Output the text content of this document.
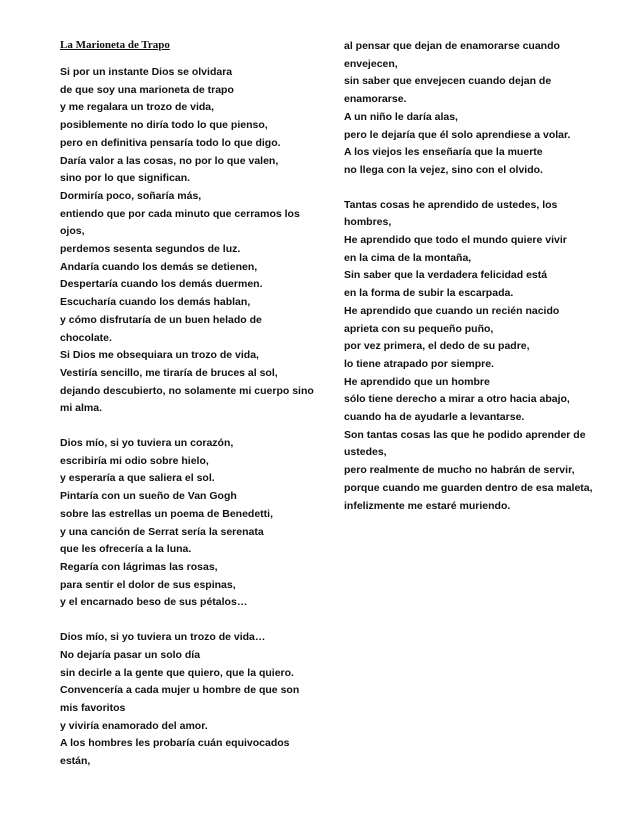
La Marioneta de Trapo
Si por un instante Dios se olvidara
de que soy una marioneta de trapo
y me regalara un trozo de vida,
posiblemente no diría todo lo que pienso,
pero en definitiva pensaría todo lo que digo.
Daría valor a las cosas, no por lo que valen,
sino por lo que significan.
Dormiría poco, soñaría más,
entiendo que por cada minuto que cerramos los ojos,
perdemos sesenta segundos de luz.
Andaría cuando los demás se detienen,
Despertaría cuando los demás duermen.
Escucharía cuando los demás hablan,
y cómo disfrutaría de un buen helado de chocolate.
Si Dios me obsequiara un trozo de vida,
Vestiría sencillo, me tiraría de bruces al sol,
dejando descubierto, no solamente mi cuerpo sino mi alma.
Dios mío, si yo tuviera un corazón,
escribiría mi odio sobre hielo,
y esperaría a que saliera el sol.
Pintaría con un sueño de Van Gogh
sobre las estrellas un poema de Benedetti,
y una canción de Serrat sería la serenata
que les ofrecería a la luna.
Regaría con lágrimas las rosas,
para sentir el dolor de sus espinas,
y el encarnado beso de sus pétalos…
Dios mío, si yo tuviera un trozo de vida…
No dejaría pasar un solo día
sin decirle a la gente que quiero, que la quiero.
Convencería a cada mujer u hombre de que son mis favoritos
y viviría enamorado del amor.
A los hombres les probaría cuán equivocados están,
al pensar que dejan de enamorarse cuando envejecen,
sin saber que envejecen cuando dejan de enamorarse.
A un niño le daría alas,
pero le dejaría que él solo aprendiese a volar.
A los viejos les enseñaría que la muerte
no llega con la vejez, sino con el olvido.
Tantas cosas he aprendido de ustedes, los hombres,
He aprendido que todo el mundo quiere vivir
en la cima de la montaña,
Sin saber que la verdadera felicidad está
en la forma de subir la escarpada.
He aprendido que cuando un recién nacido
aprieta con su pequeño puño,
por vez primera, el dedo de su padre,
lo tiene atrapado por siempre.
He aprendido que un hombre
sólo tiene derecho a mirar a otro hacia abajo,
cuando ha de ayudarle a levantarse.
Son tantas cosas las que he podido aprender de ustedes,
pero realmente de mucho no habrán de servir,
porque cuando me guarden dentro de esa maleta,
infelizmente me estaré muriendo.
